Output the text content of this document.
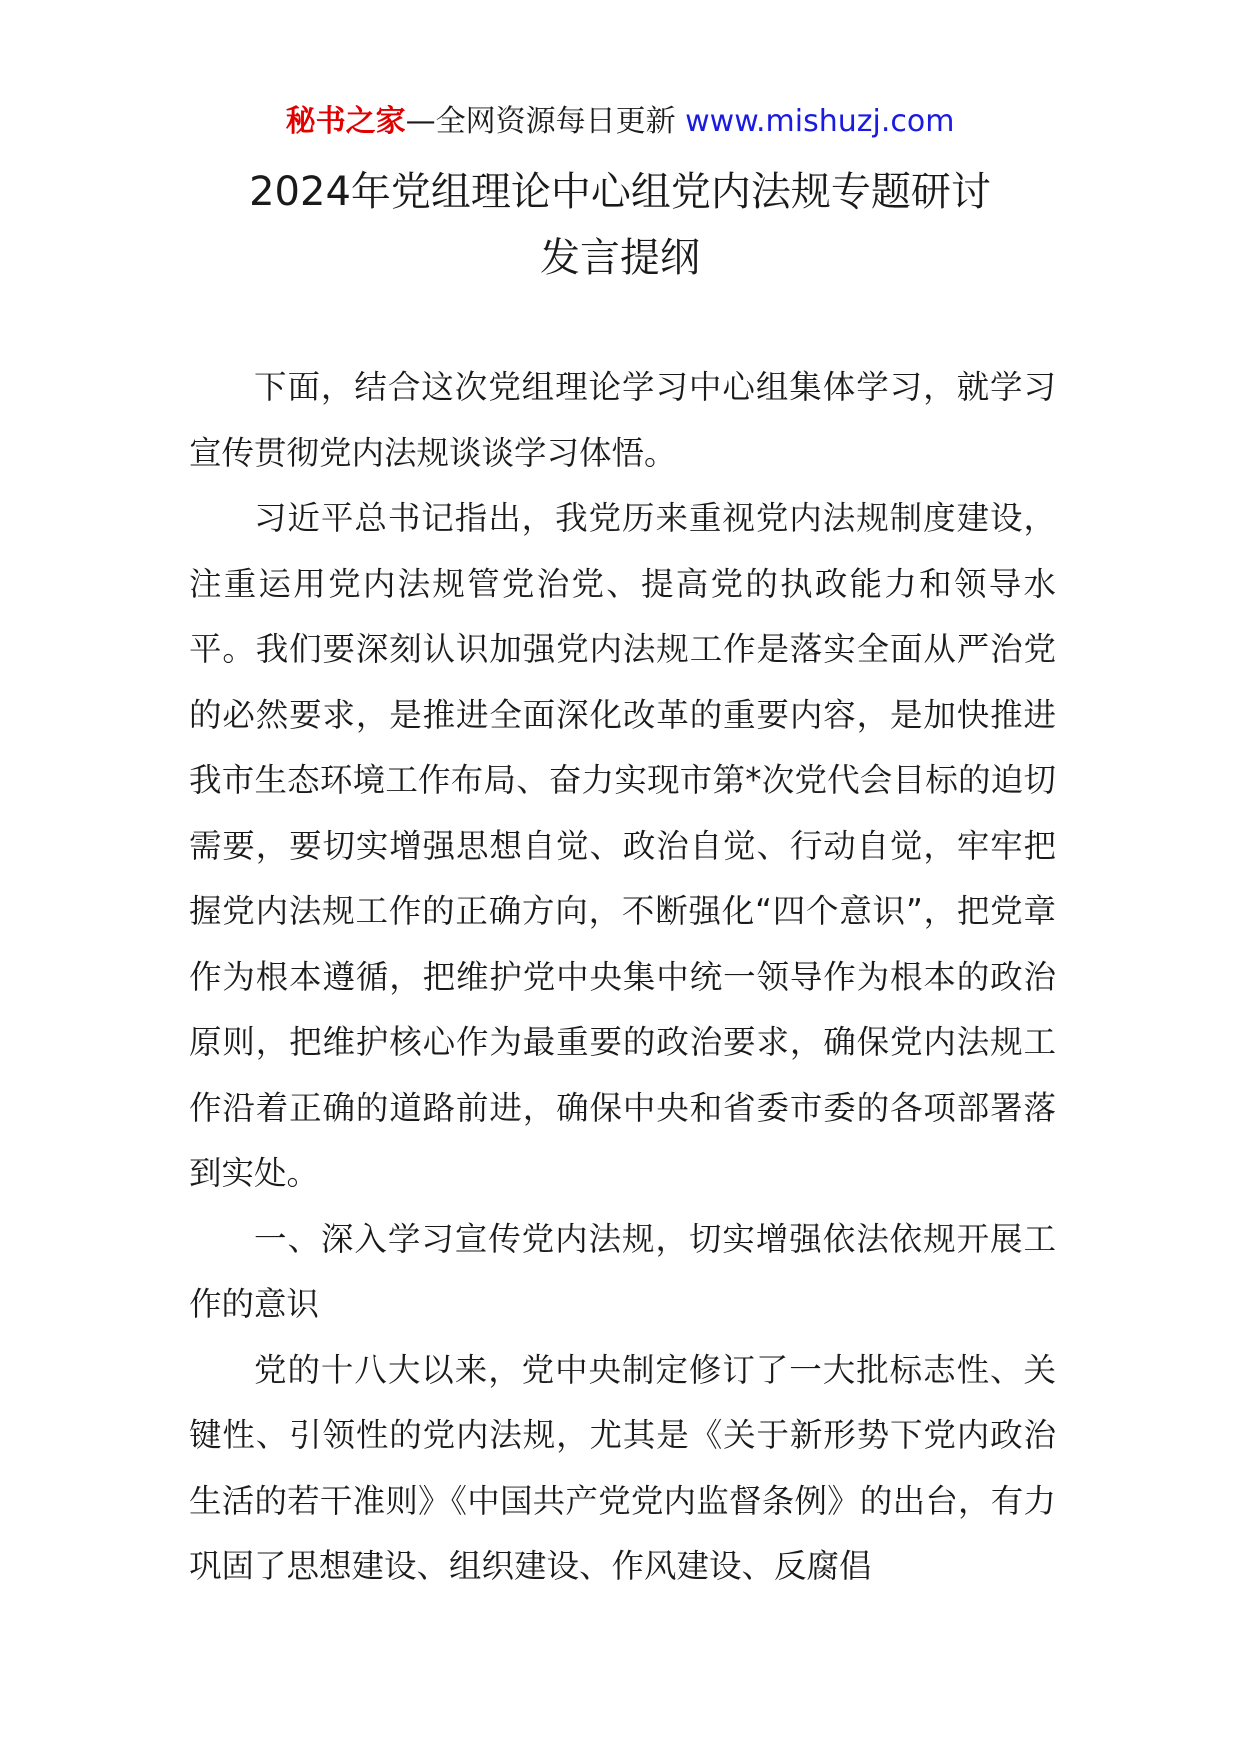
秘书之家—全网资源每日更新 www.mishuzj.com
2024年党组理论中心组党内法规专题研讨
发言提纲

下面，结合这次党组理论学习中心组集体学习，就学习宣传贯彻党内法规谈谈学习体悟。

习近平总书记指出，我党历来重视党内法规制度建设，注重运用党内法规管党治党、提高党的执政能力和领导水平。我们要深刻认识加强党内法规工作是落实全面从严治党的必然要求，是推进全面深化改革的重要内容，是加快推进我市生态环境工作布局、奋力实现市第*次党代会目标的迫切需要，要切实增强思想自觉、政治自觉、行动自觉，牢牢把握党内法规工作的正确方向，不断强化“四个意识”，把党章作为根本遵循，把维护党中央集中统一领导作为根本的政治原则，把维护核心作为最重要的政治要求，确保党内法规工作沿着正确的道路前进，确保中央和省委市委的各项部署落到实处。

一、深入学习宣传党内法规，切实增强依法依规开展工作的意识

党的十八大以来，党中央制定修订了一大批标志性、关键性、引领性的党内法规，尤其是《关于新形势下党内政治生活的若干准则》《中国共产党党内监督条例》的出台，有力巩固了思想建设、组织建设、作风建设、反腐倡
